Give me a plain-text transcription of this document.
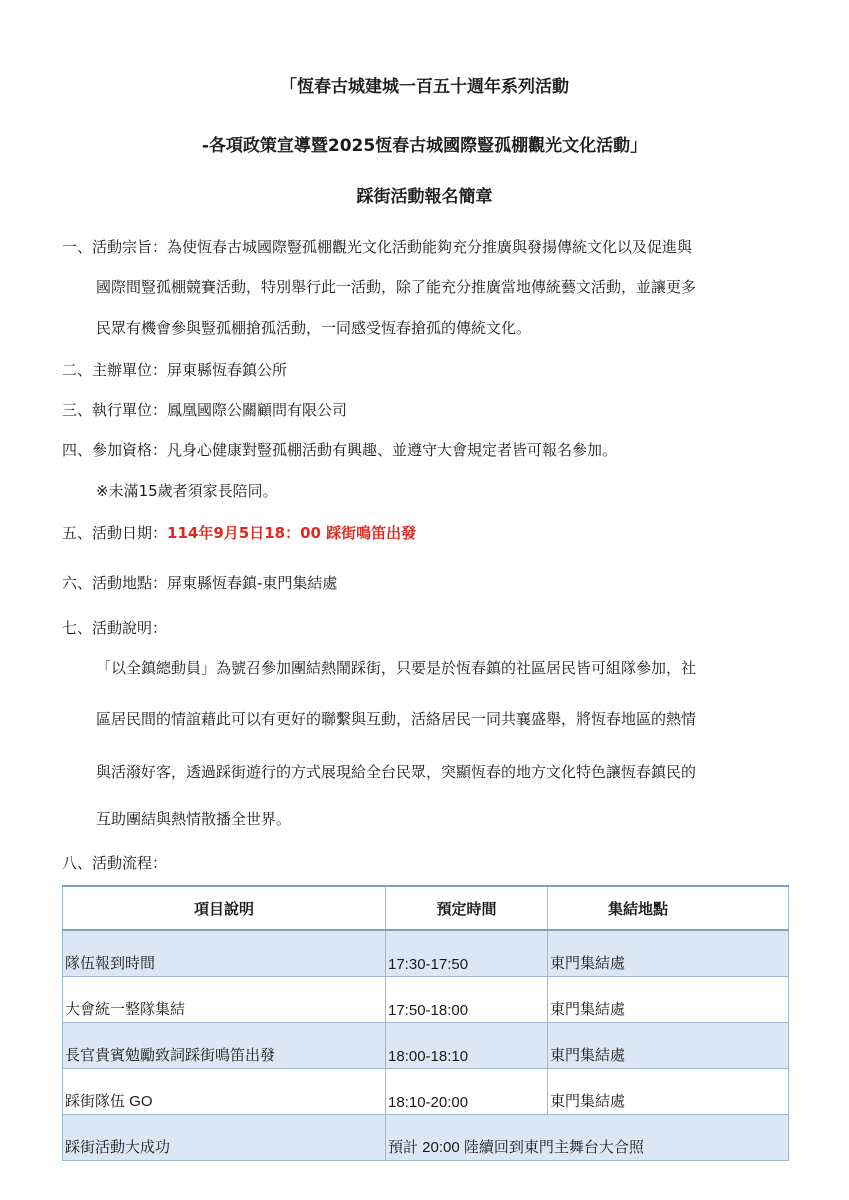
「恆春古城建城一百五十週年系列活動
-各項政策宣導暨2025恆春古城國際豎孤棚觀光文化活動」
踩街活動報名簡章
一、活動宗旨：為使恆春古城國際豎孤棚觀光文化活動能夠充分推廣與發揚傳統文化以及促進與
國際間豎孤棚競賽活動，特別舉行此一活動，除了能充分推廣當地傳統藝文活動，並讓更多
民眾有機會參與豎孤棚搶孤活動，一同感受恆春搶孤的傳統文化。
二、主辦單位：屏東縣恆春鎮公所
三、執行單位：鳳凰國際公關顧問有限公司
四、參加資格：凡身心健康對豎孤棚活動有興趣、並遵守大會規定者皆可報名參加。
※未滿15歲者須家長陪同。
五、活動日期：114年9月5日18：00 踩街鳴笛出發
六、活動地點：屏東縣恆春鎮-東門集結處
七、活動說明：
「以全鎮總動員」為號召參加團結熱鬧踩街，只要是於恆春鎮的社區居民皆可組隊參加，社
區居民間的情誼藉此可以有更好的聯繫與互動，活絡居民一同共襄盛舉，將恆春地區的熱情
與活潑好客，透過踩街遊行的方式展現給全台民眾，突顯恆春的地方文化特色讓恆春鎮民的
互助團結與熱情散播全世界。
八、活動流程：
項目說明	預定時間	集結地點
隊伍報到時間	17:30-17:50	東門集結處
大會統一整隊集結	17:50-18:00	東門集結處
長官貴賓勉勵致詞踩街鳴笛出發	18:00-18:10	東門集結處
踩街隊伍 GO	18:10-20:00	東門集結處
踩街活動大成功	預計 20:00 陸續回到東門主舞台大合照	
